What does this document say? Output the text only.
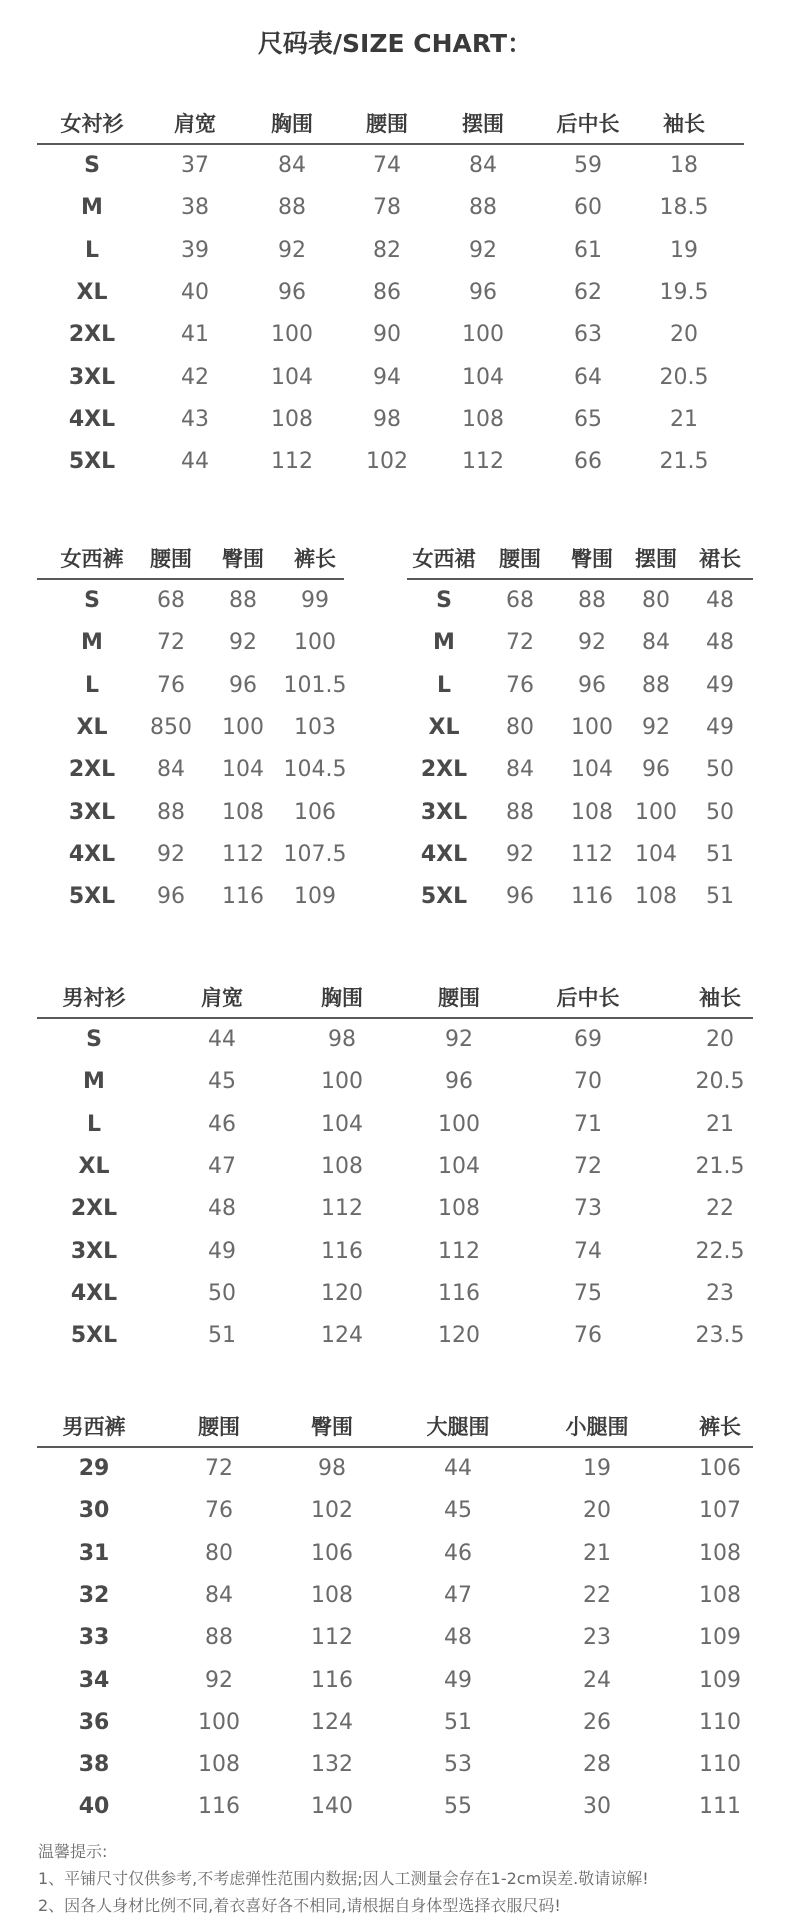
尺码表/SIZE CHART：
女衬衫 肩宽	胸围	腰围	摆围	后中长 袖长
S	37	84	74	84	59	18
M	38	88	78	88	60	18.5
L	39	92	82	92	61	19
XL	40	96	86	96	62	19.5
2XL	41	100	90	100	63	20
3XL	42	104	94	104	64	20.5
4XL	43	108	98	108	65	21
5XL	44	112 102 112	66	21.5
女西裤 腰围 臀围 裤长
S	68 88 99
M 72 92 100
L	76 96 101.5
XL 850 100 103
2XL 84 104 104.5
3XL 88 108 106
4XL 92 112 107.5
5XL 96 116 109
女西裙 腰围 臀围 摆围 裙长
S 68 88 80 48
M 72 92 84 48
L 76 96 88 49
XL 80 100 92 49
2XL 84 104 96 50
3XL 88 108 100 50
4XL 92 112 104 51
5XL 96 116 108 51
男衬衫	肩宽	胸围	腰围	后中长	袖长
S	44	98	92	69	20
M	45	100	96	70	20.5
L	46	104	100	71	21
XL	47	108	104	72	21.5
2XL	48	112	108	73	22
3XL	49	116	112	74	22.5
4XL	50	120	116	75	23
5XL	51	124	120	76	23.5
男西裤	腰围	臀围	大腿围	小腿围	裤长
29	72	98	44	19	106
30	76	102	45	20	107
31	80	106	46	21	108
32	84	108	47	22	108
33	88	112	48	23	109
34	92	116	49	24	109
36	100	124	51	26	110
38	108	132	53	28	110
40	116	140	55	30	111
温馨提示:
1、平铺尺寸仅供参考,不考虑弹性范围内数据;因人工测量会存在1-2cm误差.敬请谅解!
2、因各人身材比例不同,着衣喜好各不相同,请根据自身体型选择衣服尺码!
